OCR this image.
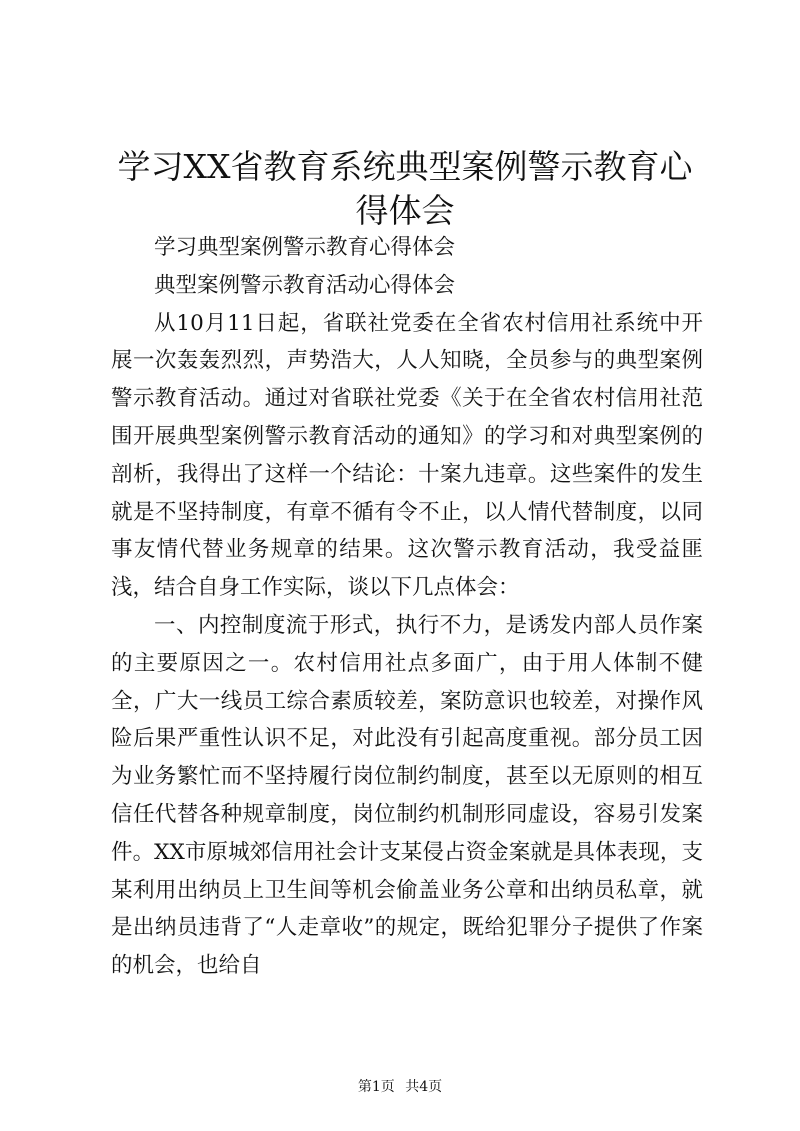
学习XX省教育系统典型案例警示教育心得体会

学习典型案例警示教育心得体会

典型案例警示教育活动心得体会

从10月11日起，省联社党委在全省农村信用社系统中开展一次轰轰烈烈，声势浩大，人人知晓，全员参与的典型案例警示教育活动。通过对省联社党委《关于在全省农村信用社范围开展典型案例警示教育活动的通知》的学习和对典型案例的剖析，我得出了这样一个结论：十案九违章。这些案件的发生就是不坚持制度，有章不循有令不止，以人情代替制度，以同事友情代替业务规章的结果。这次警示教育活动，我受益匪浅，结合自身工作实际，谈以下几点体会：

一、内控制度流于形式，执行不力，是诱发内部人员作案的主要原因之一。农村信用社点多面广，由于用人体制不健全，广大一线员工综合素质较差，案防意识也较差，对操作风险后果严重性认识不足，对此没有引起高度重视。部分员工因为业务繁忙而不坚持履行岗位制约制度，甚至以无原则的相互信任代替各种规章制度，岗位制约机制形同虚设，容易引发案件。XX市原城郊信用社会计支某侵占资金案就是具体表现，支某利用出纳员上卫生间等机会偷盖业务公章和出纳员私章，就是出纳员违背了“人走章收”的规定，既给犯罪分子提供了作案的机会，也给自

第1页 共4页
